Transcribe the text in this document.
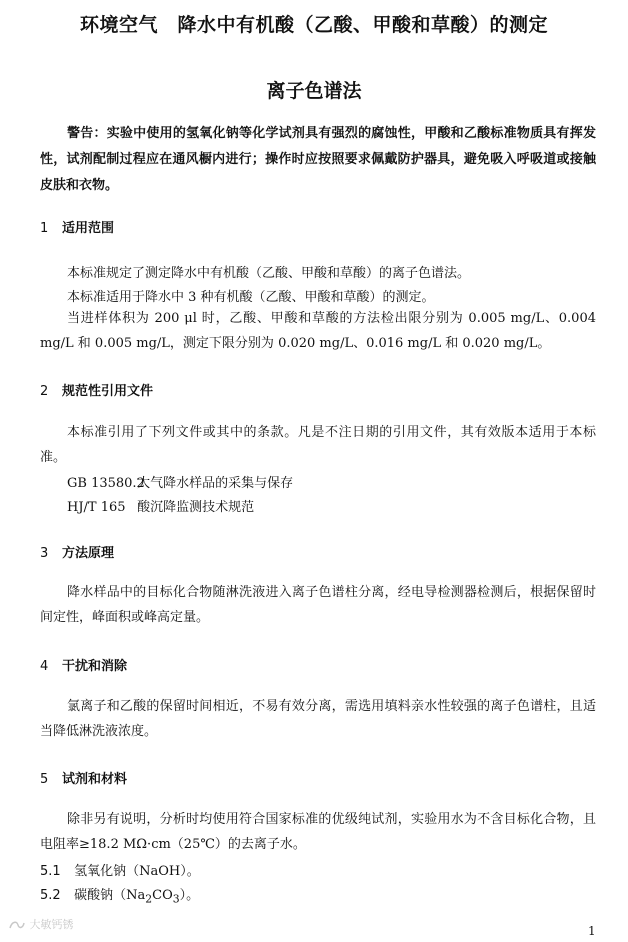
环境空气　降水中有机酸（乙酸、甲酸和草酸）的测定
离子色谱法
警告：实验中使用的氢氧化钠等化学试剂具有强烈的腐蚀性，甲酸和乙酸标准物质具有挥发性，试剂配制过程应在通风橱内进行；操作时应按照要求佩戴防护器具，避免吸入呼吸道或接触皮肤和衣物。
1 适用范围
本标准规定了测定降水中有机酸（乙酸、甲酸和草酸）的离子色谱法。
本标准适用于降水中 3 种有机酸（乙酸、甲酸和草酸）的测定。
当进样体积为 200 μl 时，乙酸、甲酸和草酸的方法检出限分别为 0.005 mg/L、0.004 mg/L 和 0.005 mg/L，测定下限分别为 0.020 mg/L、0.016 mg/L 和 0.020 mg/L。
2 规范性引用文件
本标准引用了下列文件或其中的条款。凡是不注日期的引用文件，其有效版本适用于本标准。
GB 13580.2 大气降水样品的采集与保存
HJ/T 165 酸沉降监测技术规范
3 方法原理
降水样品中的目标化合物随淋洗液进入离子色谱柱分离，经电导检测器检测后，根据保留时间定性，峰面积或峰高定量。
4 干扰和消除
氯离子和乙酸的保留时间相近，不易有效分离，需选用填料亲水性较强的离子色谱柱，且适当降低淋洗液浓度。
5 试剂和材料
除非另有说明，分析时均使用符合国家标准的优级纯试剂，实验用水为不含目标化合物，且电阻率≥18.2 MΩ·cm（25℃）的去离子水。
5.1 氢氧化钠（NaOH）。
5.2 碳酸钠$(Na_2CO_3)$。
大敏钙锈	1
